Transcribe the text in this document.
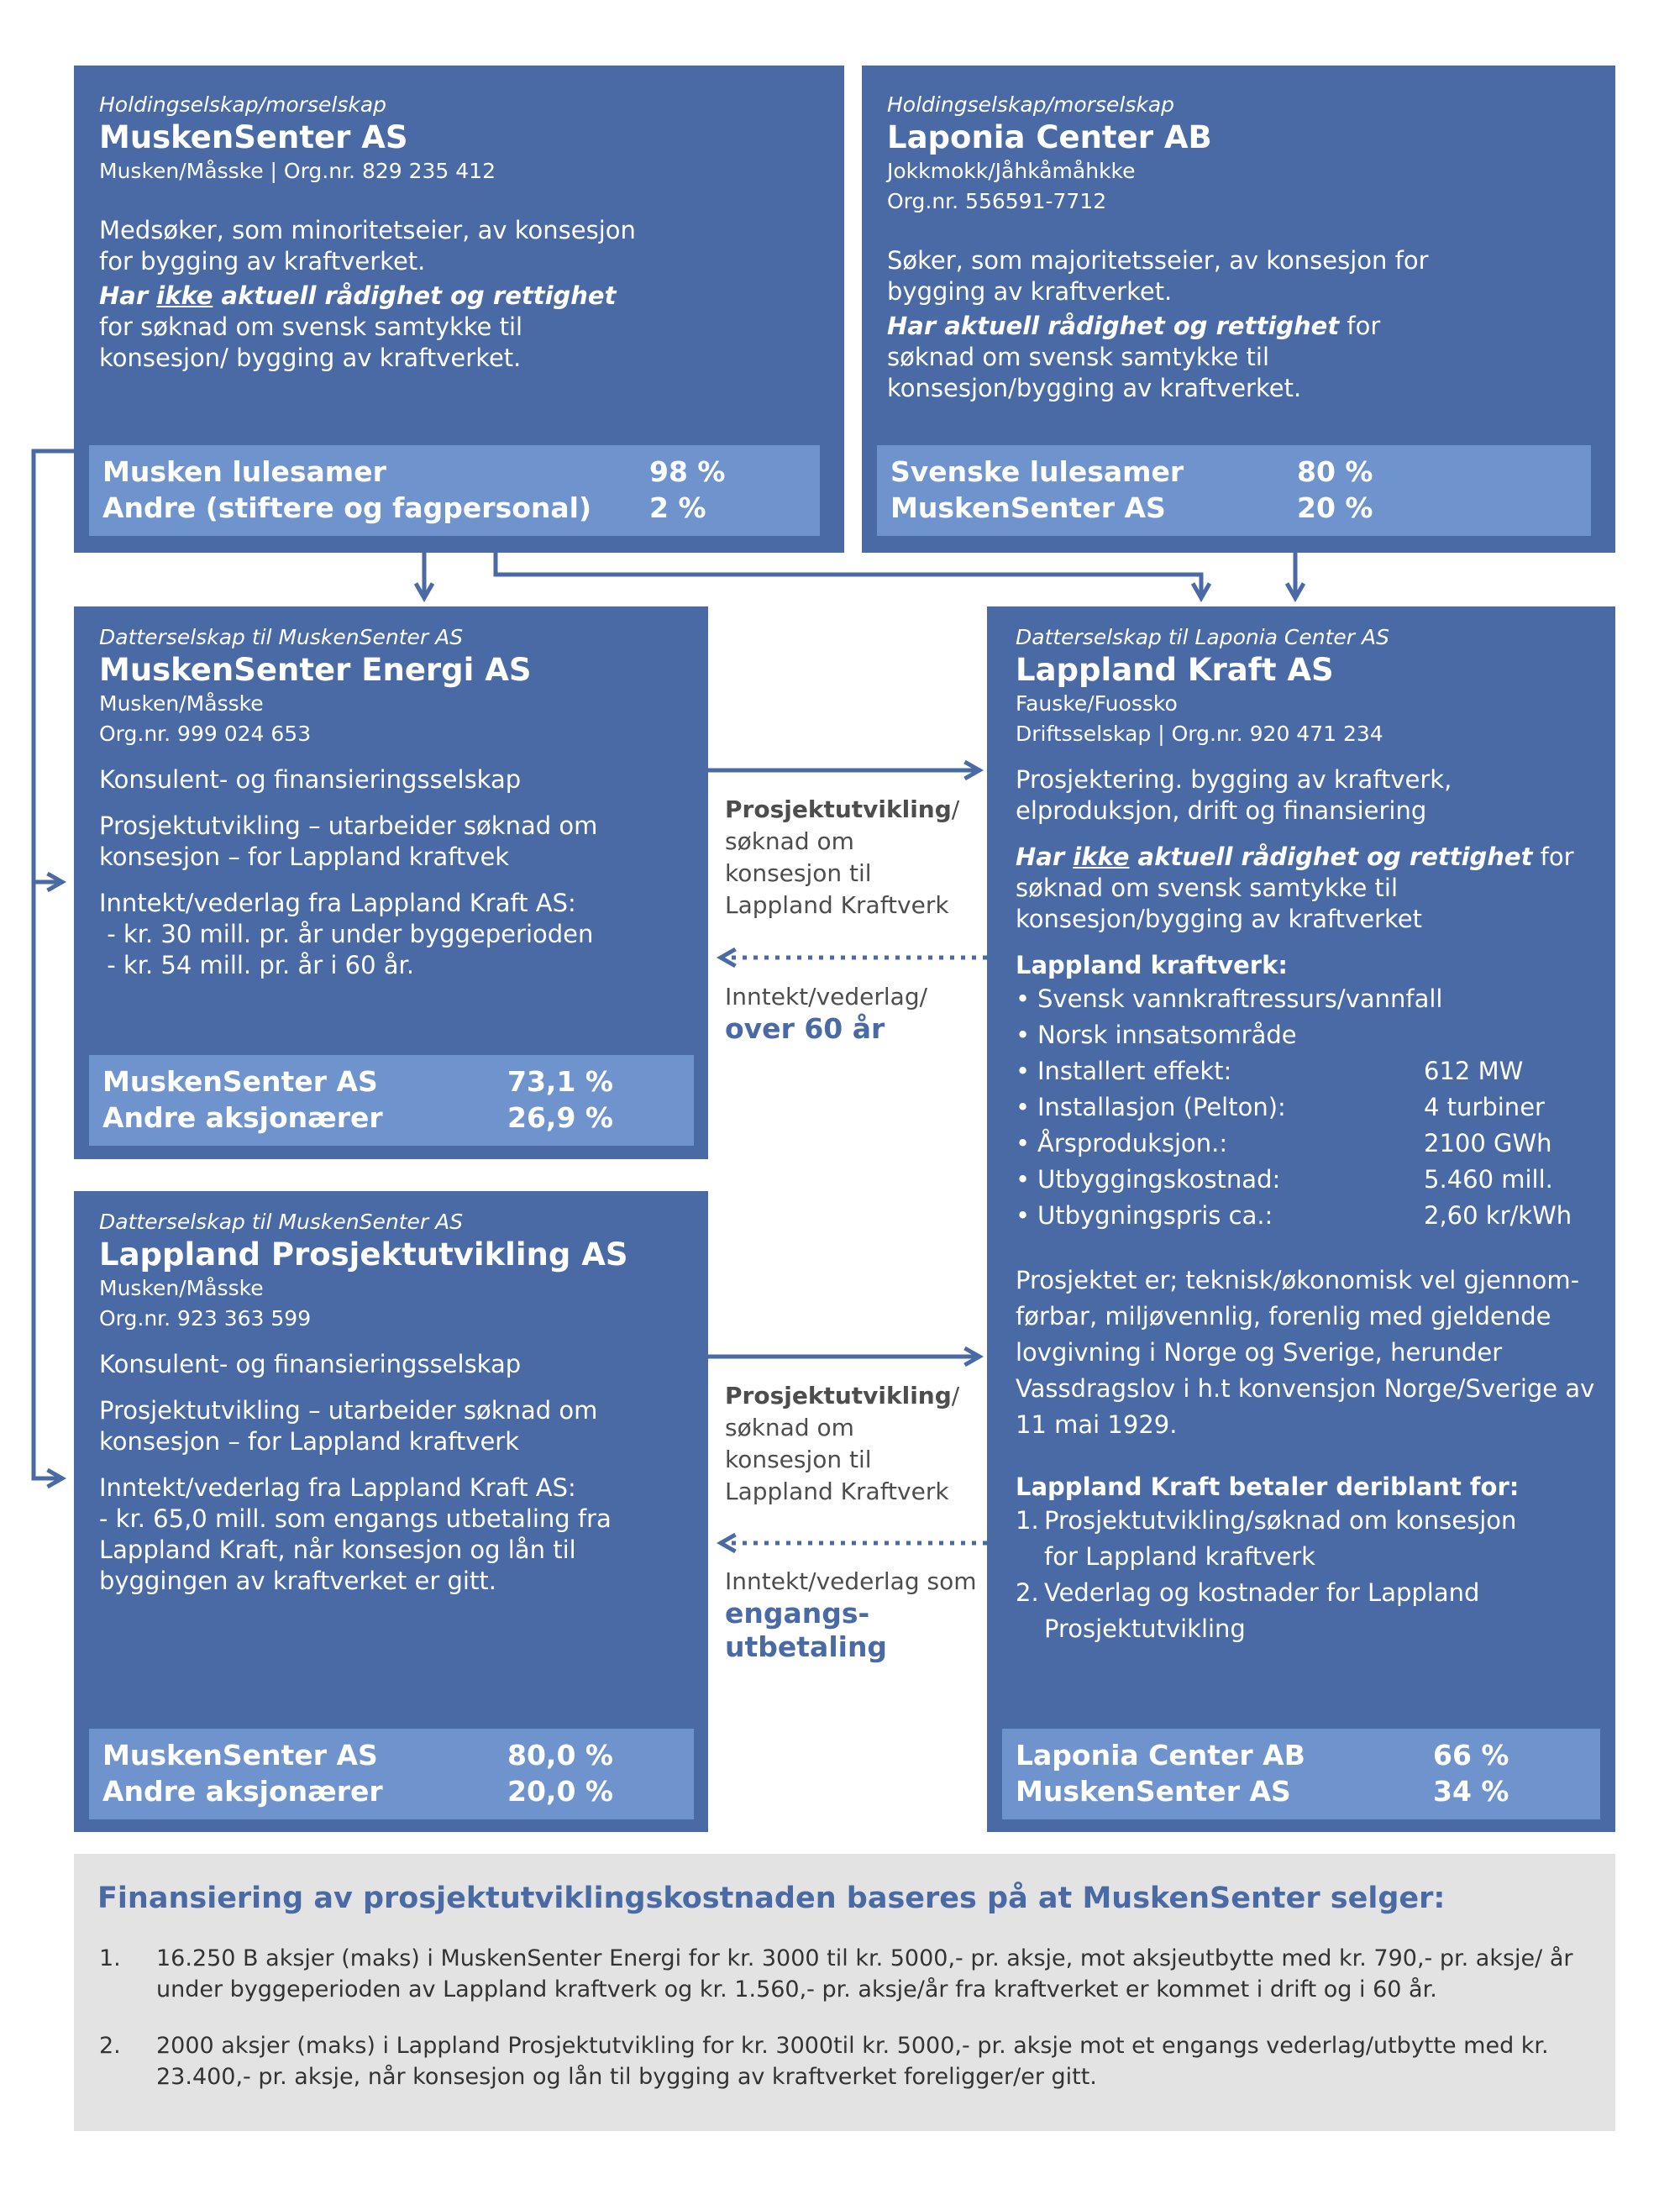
Holdingselskap/morselskap
MuskenSenter AS
Musken/Måsske | Org.nr. 829 235 412
Medsøker, som minoritetseier, av konsesjon for bygging av kraftverket.
Har ikke aktuell rådighet og rettighet for søknad om svensk samtykke til konsesjon/ bygging av kraftverket.
Musken lulesamer	98 %
Andre (stiftere og fagpersonal) 2 %
Holdingselskap/morselskap
Laponia Center AB
Jokkmokk/Jåhkåmåhkke
Org.nr. 556591-7712
Søker, som majoritetsseier, av konsesjon for bygging av kraftverket.
Har aktuell rådighet og rettighet for søknad om svensk samtykke til konsesjon/bygging av kraftverket.
Svenske lulesamer	80 %
MuskenSenter AS	20 %
Datterselskap til MuskenSenter AS
MuskenSenter Energi AS
Musken/Måsske
Org.nr. 999 024 653
Konsulent- og finansieringsselskap
Prosjektutvikling – utarbeider søknad om konsesjon – for Lappland kraftvek
Inntekt/vederlag fra Lappland Kraft AS:
- kr. 30 mill. pr. år under byggeperioden
- kr. 54 mill. pr. år i 60 år.
MuskenSenter AS	73,1 %
Andre aksjonærer	26,9 %
Datterselskap til MuskenSenter AS
Lappland Prosjektutvikling AS
Musken/Måsske
Org.nr. 923 363 599
Konsulent- og finansieringsselskap
Prosjektutvikling – utarbeider søknad om konsesjon – for Lappland kraftverk
Inntekt/vederlag fra Lappland Kraft AS:
- kr. 65,0 mill. som engangs utbetaling fra Lappland Kraft, når konsesjon og lån til byggingen av kraftverket er gitt.
MuskenSenter AS	80,0 %
Andre aksjonærer	20,0 %
Datterselskap til Laponia Center AS
Lappland Kraft AS
Fauske/Fuossko
Driftsselskap | Org.nr. 920 471 234
Prosjektering. bygging av kraftverk, elproduksjon, drift og finansiering
Har ikke aktuell rådighet og rettighet for søknad om svensk samtykke til konsesjon/bygging av kraftverket
Lappland kraftverk:
• Svensk vannkraftressurs/vannfall
• Norsk innsatsområde
• Installert effekt:	612 MW
• Installasjon (Pelton):	4 turbiner
• Årsproduksjon.:	2100 GWh
• Utbyggingskostnad:	5.460 mill.
• Utbygningspris ca.:	2,60 kr/kWh
Prosjektet er; teknisk/økonomisk vel gjennom-førbar, miljøvennlig, forenlig med gjeldende lovgivning i Norge og Sverige, herunder Vassdragslov i h.t konvensjon Norge/Sverige av 11 mai 1929.
Lappland Kraft betaler deriblant for:
1. Prosjektutvikling/søknad om konsesjon for Lappland kraftverk
2. Vederlag og kostnader for Lappland Prosjektutvikling
Laponia Center AB	66 %
MuskenSenter AS	34 %
Prosjektutvikling/
søknad om konsesjon til Lappland Kraftverk
Inntekt/vederlag/
over 60 år
Prosjektutvikling/
søknad om konsesjon til Lappland Kraftverk
Inntekt/vederlag som engangs-
utbetaling
Finansiering av prosjektutviklingskostnaden baseres på at MuskenSenter selger:
1. 16.250 B aksjer (maks) i MuskenSenter Energi for kr. 3000 til kr. 5000,- pr. aksje, mot aksjeutbytte med kr. 790,- pr. aksje/ år under byggeperioden av Lappland kraftverk og kr. 1.560,- pr. aksje/år fra kraftverket er kommet i drift og i 60 år.
2. 2000 aksjer (maks) i Lappland Prosjektutvikling for kr. 3000til kr. 5000,- pr. aksje mot et engangs vederlag/utbytte med kr. 23.400,- pr. aksje, når konsesjon og lån til bygging av kraftverket foreligger/er gitt.
